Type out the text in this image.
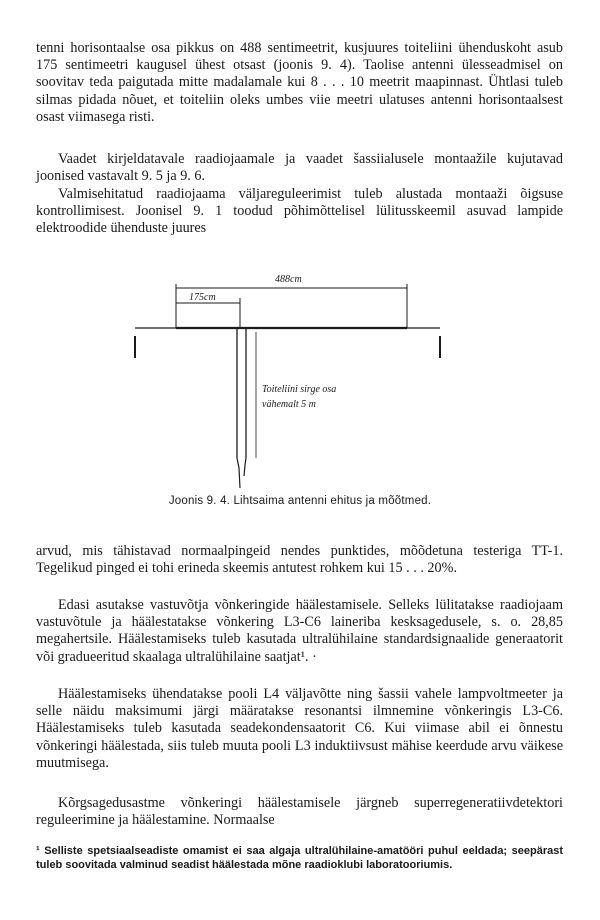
tenni horisontaalse osa pikkus on 488 sentimeetrit, kusjuures toiteliini ühenduskoht asub 175 sentimeetri kaugusel ühest otsast (joonis 9. 4). Taolise antenni ülesseadmisel on soovitav teda paigutada mitte madalamale kui 8 . . . 10 meetrit maapinnast. Ühtlasi tuleb silmas pidada nõuet, et toiteliin oleks umbes viie meetri ulatuses antenni horisontaalsest osast viimasega risti.

Vaadet kirjeldatavale raadiojaamale ja vaadet šassiialusele montaažile kujutavad joonised vastavalt 9. 5 ja 9. 6.

Valmisehitatud raadiojaama väljareguleerimist tuleb alustada montaaži õigsuse kontrollimisest. Joonisel 9. 1 toodud põhimõttelisel lülitusskeemil asuvad lampide elektroodide ühenduste juures

488cm
175cm
Toiteliini sirge osa
vähemalt 5 m
Joonis 9. 4. Lihtsaima antenni ehitus ja mõõtmed.

arvud, mis tähistavad normaalpingeid nendes punktides, mõõdetuna testeriga TT-1. Tegelikud pinged ei tohi erineda skeemis antutest rohkem kui 15 . . . 20%.

Edasi asutakse vastuvõtja võnkeringide häälestamisele. Selleks lülitatakse raadiojaam vastuvõtule ja häälestatakse võnkering L3-C6 laineriba kesksagedusele, s. o. 28,85 megahertsile. Häälestamiseks tuleb kasutada ultralühilaine standardsignaalide generaatorit või gradueeritud skaalaga ultralühilaine saatjat¹. ·

Häälestamiseks ühendatakse pooli L4 väljavõtte ning šassii vahele lampvoltmeeter ja selle näidu maksimumi järgi määratakse resonantsi ilmnemine võnkeringis L3-C6. Häälestamiseks tuleb kasutada seadekondensaatorit C6. Kui viimase abil ei õnnestu võnkeringi häälestada, siis tuleb muuta pooli L3 induktiivsust mähise keerdude arvu väikese muutmisega.

Kõrgsagedusastme võnkeringi häälestamisele järgneb superregeneratiivdetektori reguleerimine ja häälestamine. Normaalse

¹ Selliste spetsiaalseadiste omamist ei saa algaja ultralühilaine-amatööri puhul eeldada; seepärast tuleb soovitada valminud seadist häälestada mõne raadioklubi laboratooriumis.
